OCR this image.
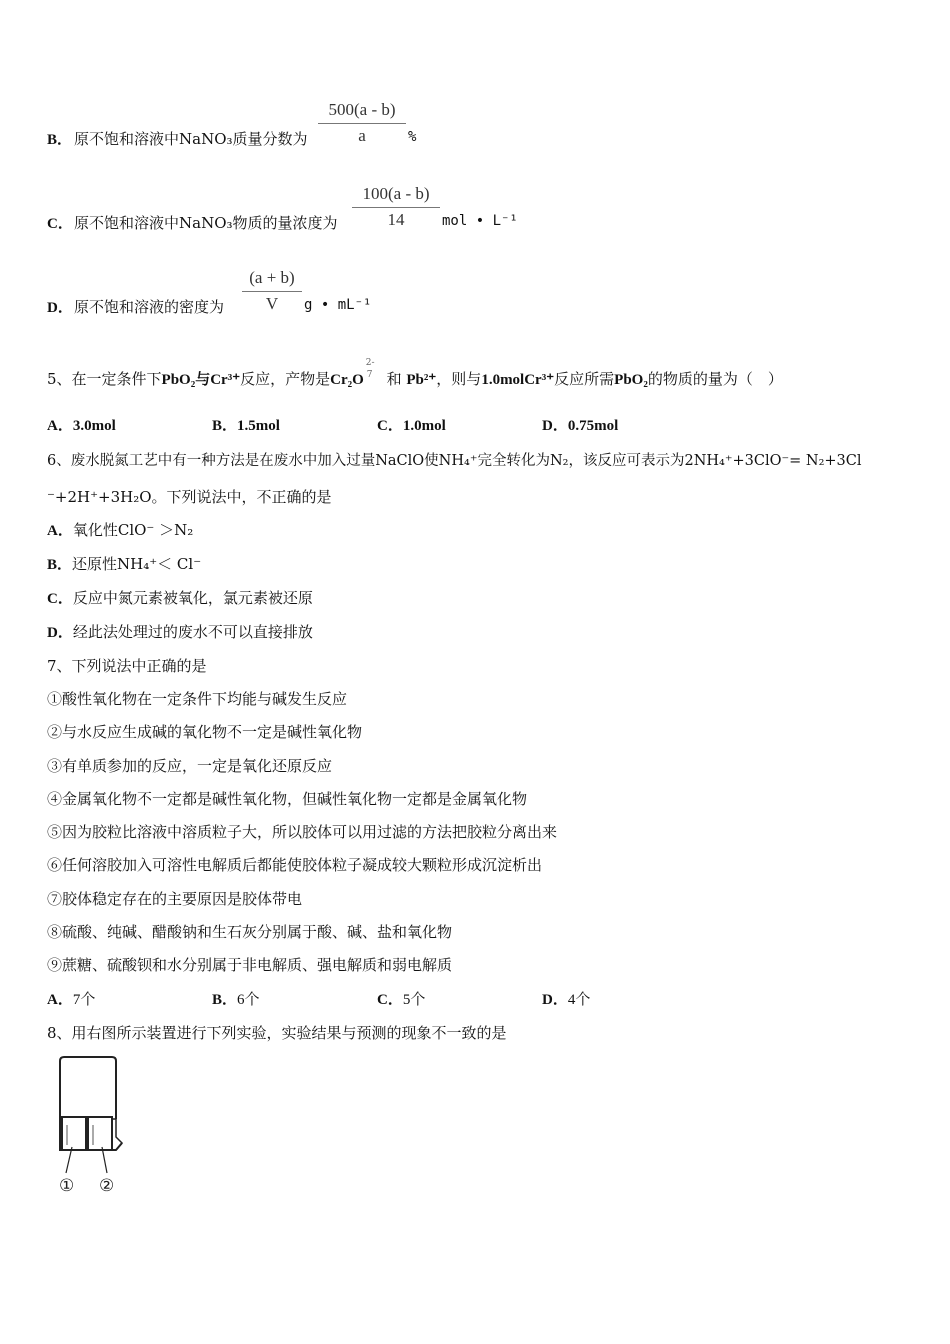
B． 原不饱和溶液中NaNO₃质量分数为
500(a - b)
a	%
C． 原不饱和溶液中NaNO₃物质的量浓度为
100(a - b)
14	mol • L⁻¹
D． 原不饱和溶液的密度为
(a + b)
V	g • mL⁻¹
5、在一定条件下PbO₂与Cr³⁺反应，产物是Cr₂O
2-
7 和 Pb²⁺，则与1.0molCr³⁺反应所需PbO₂的物质的量为（　）
A．3.0mol	B．1.5mol	C．1.0mol	D．0.75mol
6、废水脱氮工艺中有一种方法是在废水中加入过量NaClO使NH₄⁺完全转化为N₂，该反应可表示为2NH₄⁺+3ClO⁻= N₂+3Cl
⁻+2H⁺+3H₂O。下列说法中，不正确的是
A．氧化性ClO⁻ ＞N₂
B．还原性NH₄⁺＜ Cl⁻
C．反应中氮元素被氧化，氯元素被还原
D．经此法处理过的废水不可以直接排放
7、下列说法中正确的是
①酸性氧化物在一定条件下均能与碱发生反应
②与水反应生成碱的氧化物不一定是碱性氧化物
③有单质参加的反应，一定是氧化还原反应
④金属氧化物不一定都是碱性氧化物，但碱性氧化物一定都是金属氧化物
⑤因为胶粒比溶液中溶质粒子大，所以胶体可以用过滤的方法把胶粒分离出来
⑥任何溶胶加入可溶性电解质后都能使胶体粒子凝成较大颗粒形成沉淀析出
⑦胶体稳定存在的主要原因是胶体带电
⑧硫酸、纯碱、醋酸钠和生石灰分别属于酸、碱、盐和氧化物
⑨蔗糖、硫酸钡和水分别属于非电解质、强电解质和弱电解质
A．7个	B．6个	C．5个	D．4个
8、用右图所示装置进行下列实验，实验结果与预测的现象不一致的是
① ②
